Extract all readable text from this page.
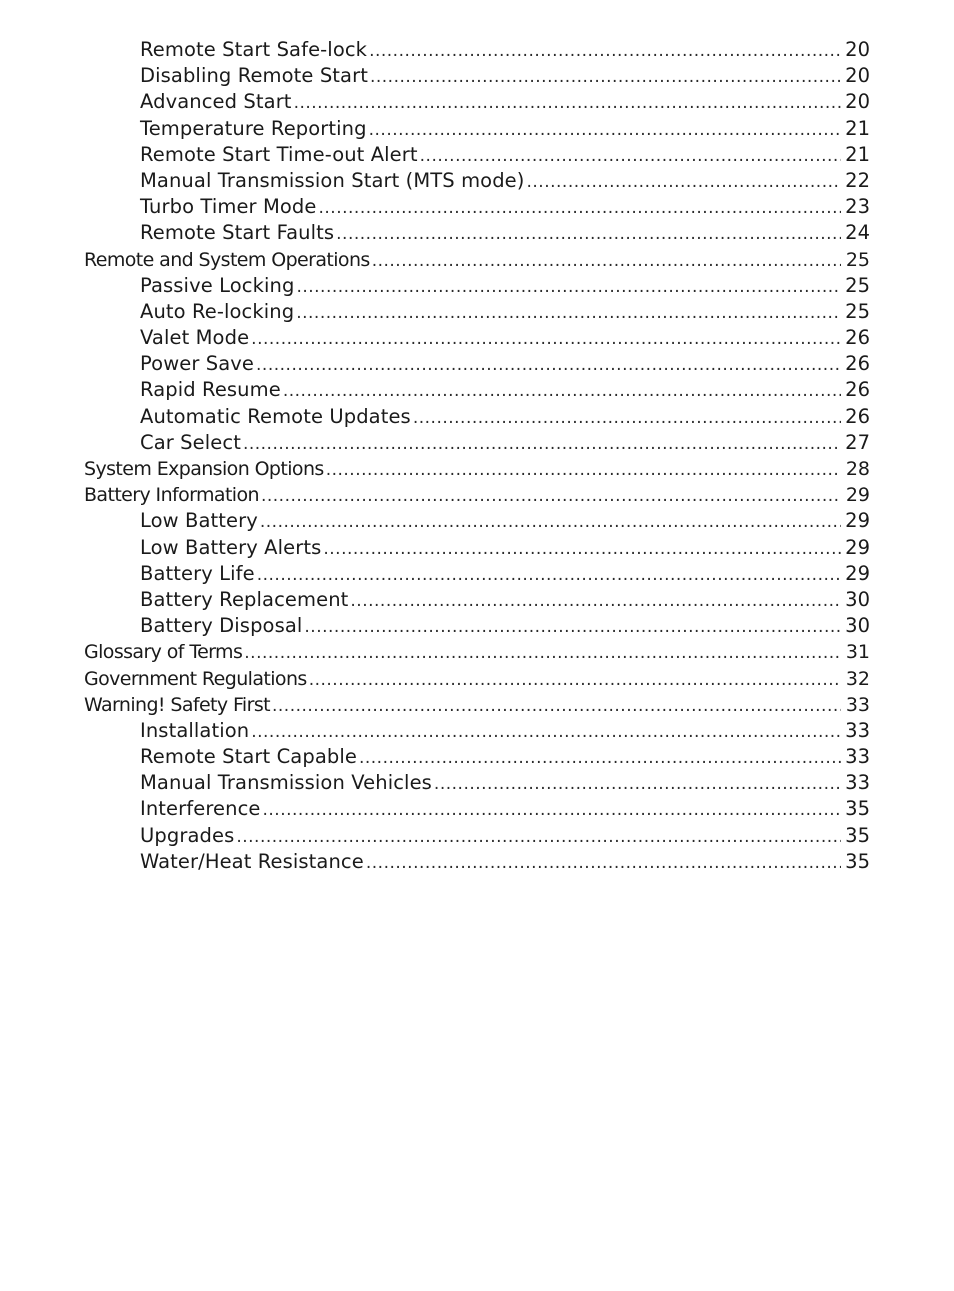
Remote Start Safe-lock .....	20
Disabling Remote Start .....	20
Advanced Start .....	20
Temperature Reporting .....	21
Remote Start Time-out Alert .....	21
Manual Transmission Start (MTS mode) .....	22
Turbo Timer Mode .....	23
Remote Start Faults .....	24
Remote and System Operations .....	25
Passive Locking .....	25
Auto Re-locking .....	25
Valet Mode .....	26
Power Save .....	26
Rapid Resume .....	26
Automatic Remote Updates .....	26
Car Select .....	27
System Expansion Options .....	28
Battery Information .....	29
Low Battery .....	29
Low Battery Alerts .....	29
Battery Life .....	29
Battery Replacement .....	30
Battery Disposal .....	30
Glossary of Terms .....	31
Government Regulations .....	32
Warning! Safety First .....	33
Installation .....	33
Remote Start Capable .....	33
Manual Transmission Vehicles .....	33
Interference .....	35
Upgrades .....	35
Water/Heat Resistance .....	35
